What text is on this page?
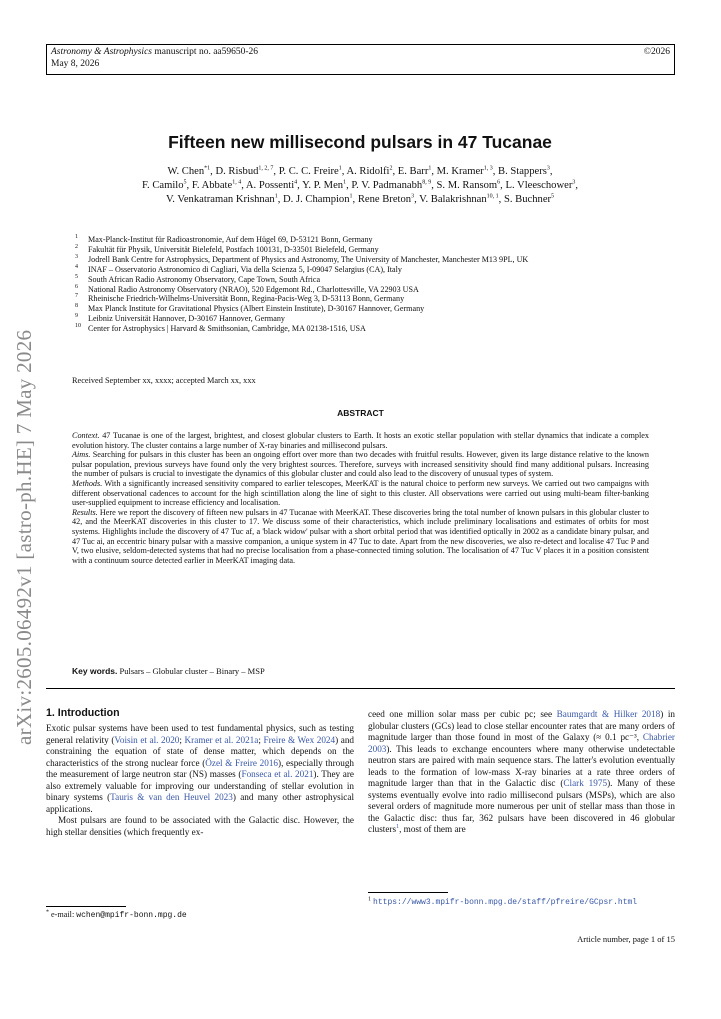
Astronomy & Astrophysics manuscript no. aa59650-26
May 8, 2026
©2026
arXiv:2605.06492v1 [astro-ph.HE] 7 May 2026
Fifteen new millisecond pulsars in 47 Tucanae
W. Chen$^{*1}$, D. Risbud$^{1, 2, 7}$, P. C. C. Freire$^1$, A. Ridolfi$^2$, E. Barr$^1$, M. Kramer$^{1, 3}$, B. Stappers$^3$,
F. Camilo$^5$, F. Abbate$^{1, 4}$, A. Possenti$^4$, Y. P. Men$^1$, P. V. Padmanabh$^{8, 9}$, S. M. Ransom$^6$, L. Vleeschower$^3$,
V. Venkatraman Krishnan$^1$, D. J. Champion$^1$, Rene Breton$^3$, V. Balakrishnan$^{10, 1}$, S. Buchner$^5$
1 Max-Planck-Institut für Radioastronomie, Auf dem Hügel 69, D-53121 Bonn, Germany
2 Fakultät für Physik, Universität Bielefeld, Postfach 100131, D-33501 Bielefeld, Germany
3 Jodrell Bank Centre for Astrophysics, Department of Physics and Astronomy, The University of Manchester, Manchester M13 9PL, UK
4 INAF – Osservatorio Astronomico di Cagliari, Via della Scienza 5, I-09047 Selargius (CA), Italy
5 South African Radio Astronomy Observatory, Cape Town, South Africa
6 National Radio Astronomy Observatory (NRAO), 520 Edgemont Rd., Charlottesville, VA 22903 USA
7 Rheinische Friedrich-Wilhelms-Universität Bonn, Regina-Pacis-Weg 3, D-53113 Bonn, Germany
8 Max Planck Institute for Gravitational Physics (Albert Einstein Institute), D-30167 Hannover, Germany
9 Leibniz Universität Hannover, D-30167 Hannover, Germany
10 Center for Astrophysics | Harvard & Smithsonian, Cambridge, MA 02138-1516, USA
Received September xx, xxxx; accepted March xx, xxx
ABSTRACT

Context. 47 Tucanae is one of the largest, brightest, and closest globular clusters to Earth. It hosts an exotic stellar population with stellar dynamics that indicate a complex evolution history. The cluster contains a large number of X-ray binaries and millisecond pulsars.

Aims. Searching for pulsars in this cluster has been an ongoing effort over more than two decades with fruitful results. However, given its large distance relative to the known pulsar population, previous surveys have found only the very brightest sources. Therefore, surveys with increased sensitivity should find many additional pulsars. Increasing the number of pulsars is crucial to investigate the dynamics of this globular cluster and could also lead to the discovery of unusual types of system.

Methods. With a significantly increased sensitivity compared to earlier telescopes, MeerKAT is the natural choice to perform new surveys. We carried out two campaigns with different observational cadences to account for the high scintillation along the line of sight to this cluster. All observations were carried out using multi-beam filter-banking user-supplied equipment to increase efficiency and localisation.

Results. Here we report the discovery of fifteen new pulsars in 47 Tucanae with MeerKAT. These discoveries bring the total number of known pulsars in this globular cluster to 42, and the MeerKAT discoveries in this cluster to 17. We discuss some of their characteristics, which include preliminary localisations and estimates of orbits for most systems. Highlights include the discovery of 47 Tuc af, a 'black widow' pulsar with a short orbital period that was identified optically in 2002 as a candidate binary pulsar, and 47 Tuc ai, an eccentric binary pulsar with a massive companion, a unique system in 47 Tuc to date. Apart from the new discoveries, we also re-detect and localise 47 Tuc P and V, two elusive, seldom-detected systems that had no precise localisation from a phase-connected timing solution. The localisation of 47 Tuc V places it in a position consistent with a continuum source detected earlier in MeerKAT imaging data.

Key words. Pulsars – Globular cluster – Binary – MSP
1. Introduction

Exotic pulsar systems have been used to test fundamental physics, such as testing general relativity (Voisin et al. 2020; Kramer et al. 2021a; Freire & Wex 2024) and constraining the equation of state of dense matter, which depends on the characteristics of the strong nuclear force (Özel & Freire 2016), especially through the measurement of large neutron star (NS) masses (Fonseca et al. 2021). They are also extremely valuable for improving our understanding of stellar evolution in binary systems (Tauris & van den Heuvel 2023) and many other astrophysical applications.

Most pulsars are found to be associated with the Galactic disc. However, the high stellar densities (which frequently ex-

ceed one million solar mass per cubic pc; see Baumgardt & Hilker 2018) in globular clusters (GCs) lead to close stellar encounter rates that are many orders of magnitude larger than those found in most of the Galaxy (≈ 0.1 pc⁻³, Chabrier 2003). This leads to exchange encounters where many otherwise undetectable neutron stars are paired with main sequence stars. The latter's evolution eventually leads to the formation of low-mass X-ray binaries at a rate three orders of magnitude larger than that in the Galactic disc (Clark 1975). Many of these systems eventually evolve into radio millisecond pulsars (MSPs), which are also several orders of magnitude more numerous per unit of stellar mass than those in the Galactic disc: thus far, 362 pulsars have been discovered in 46 globular clusters$^1$, most of them are

* e-mail: wchen@mpifr-bonn.mpg.de
$^1$ https://www3.mpifr-bonn.mpg.de/staff/pfreire/GCpsr.html
Article number, page 1 of 15
